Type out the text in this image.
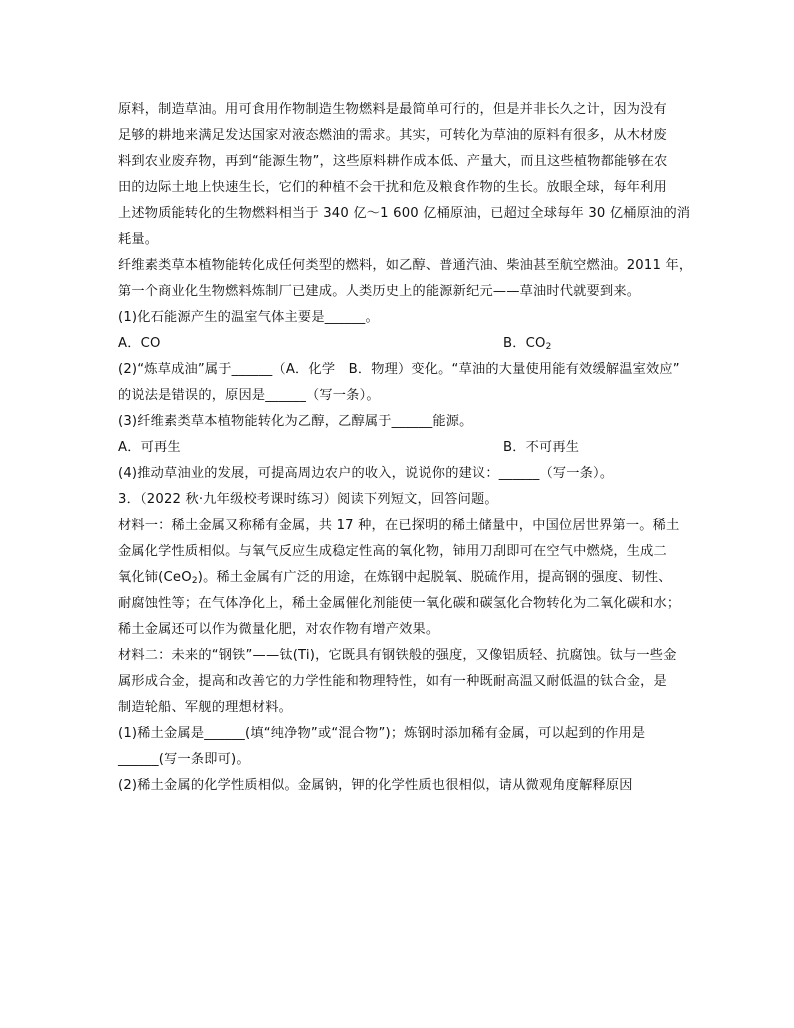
原料，制造草油。用可食用作物制造生物燃料是最简单可行的，但是并非长久之计，因为没有
足够的耕地来满足发达国家对液态燃油的需求。其实，可转化为草油的原料有很多，从木材废
料到农业废弃物，再到“能源生物”，这些原料耕作成本低、产量大，而且这些植物都能够在农
田的边际土地上快速生长，它们的种植不会干扰和危及粮食作物的生长。放眼全球，每年利用
上述物质能转化的生物燃料相当于 340 亿～1 600 亿桶原油，已超过全球每年 30 亿桶原油的消
耗量。
纤维素类草本植物能转化成任何类型的燃料，如乙醇、普通汽油、柴油甚至航空燃油。2011 年，
第一个商业化生物燃料炼制厂已建成。人类历史上的能源新纪元——草油时代就要到来。
(1)化石能源产生的温室气体主要是______。
A．CO	B．$CO_2$
(2)“炼草成油”属于______（A．化学　B．物理）变化。“草油的大量使用能有效缓解温室效应”
的说法是错误的，原因是______（写一条）。
(3)纤维素类草本植物能转化为乙醇，乙醇属于______能源。
A．可再生	B．不可再生
(4)推动草油业的发展，可提高周边农户的收入，说说你的建议：______（写一条）。
3．（2022 秋·九年级校考课时练习）阅读下列短文，回答问题。
材料一：稀土金属又称稀有金属，共 17 种，在已探明的稀土储量中，中国位居世界第一。稀土
金属化学性质相似。与氧气反应生成稳定性高的氧化物，铈用刀刮即可在空气中燃烧，生成二
氧化铈(CeO$_2$)。稀土金属有广泛的用途，在炼钢中起脱氧、脱硫作用，提高钢的强度、韧性、
耐腐蚀性等；在气体净化上，稀土金属催化剂能使一氧化碳和碳氢化合物转化为二氧化碳和水；
稀土金属还可以作为微量化肥，对农作物有增产效果。
材料二：未来的“钢铁”——钛(Ti)，它既具有钢铁般的强度，又像铝质轻、抗腐蚀。钛与一些金
属形成合金，提高和改善它的力学性能和物理特性，如有一种既耐高温又耐低温的钛合金，是
制造轮船、军舰的理想材料。
(1)稀土金属是______(填“纯净物”或“混合物”)；炼钢时添加稀有金属，可以起到的作用是
______(写一条即可)。
(2)稀土金属的化学性质相似。金属钠，钾的化学性质也很相似，请从微观角度解释原因
